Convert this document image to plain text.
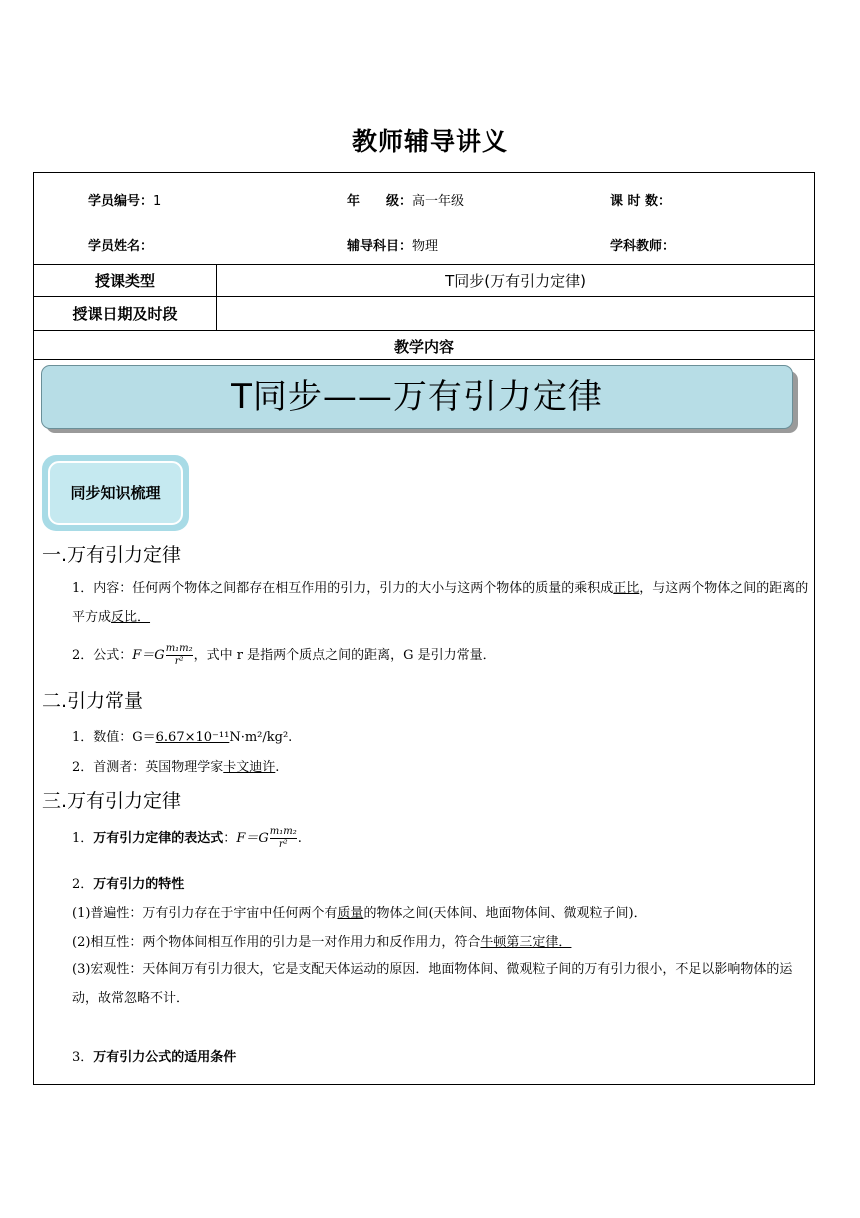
教师辅导讲义
学员编号：1	年　　级：高一年级	课 时 数：
学员姓名：	辅导科目：物理	学科教师：
授课类型	T同步(万有引力定律)
授课日期及时段
教学内容
T同步——万有引力定律
同步知识梳理
一.万有引力定律
1．内容：任何两个物体之间都存在相互作用的引力，引力的大小与这两个物体的质量的乘积成正比，与这两个物体之间的距离的平方成反比．
2．公式：$F=G \frac{\text{m₁m₂}}{\text{r²}}$ ，式中 r 是指两个质点之间的距离，G 是引力常量．
二.引力常量
1．数值：G＝6.67×10⁻¹¹N·m²/kg².
2．首测者：英国物理学家卡文迪许.
三.万有引力定律
1．万有引力定律的表达式：$F=G \frac{\text{m₁m₂}}{\text{r²}}$ .
2．万有引力的特性
(1)普遍性：万有引力存在于宇宙中任何两个有质量的物体之间(天体间、地面物体间、微观粒子间)．
(2)相互性：两个物体间相互作用的引力是一对作用力和反作用力，符合牛顿第三定律．
(3)宏观性：天体间万有引力很大，它是支配天体运动的原因．地面物体间、微观粒子间的万有引力很小，不足以影响物体的运动，故常忽略不计．
3．万有引力公式的适用条件
